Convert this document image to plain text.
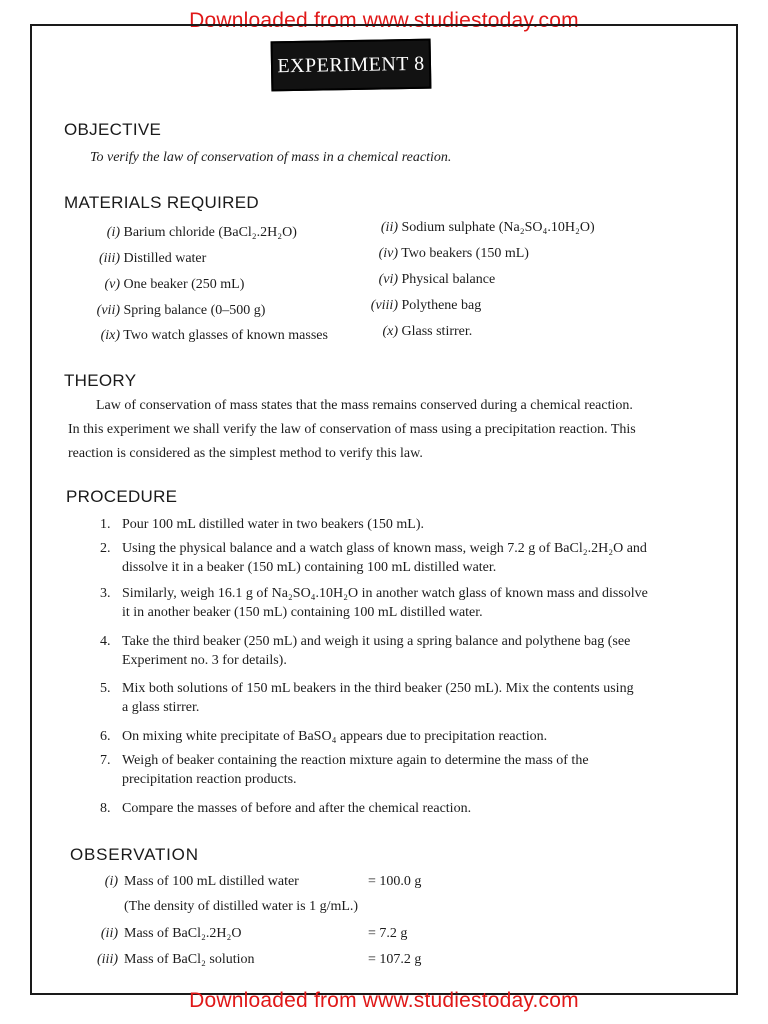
Downloaded from www.studiestoday.com
EXPERIMENT 8
OBJECTIVE
To verify the law of conservation of mass in a chemical reaction.
MATERIALS REQUIRED
(i) Barium chloride (BaCl₂.2H₂O)	(ii) Sodium sulphate (Na₂SO₄.10H₂O)
(iii) Distilled water	(iv) Two beakers (150 mL)
(v) One beaker (250 mL)	(vi) Physical balance
(vii) Spring balance (0–500 g)	(viii) Polythene bag
(ix) Two watch glasses of known masses	(x) Glass stirrer.
THEORY
Law of conservation of mass states that the mass remains conserved during a chemical reaction.
In this experiment we shall verify the law of conservation of mass using a precipitation reaction. This
reaction is considered as the simplest method to verify this law.
PROCEDURE
1. Pour 100 mL distilled water in two beakers (150 mL).
2. Using the physical balance and a watch glass of known mass, weigh 7.2 g of BaCl₂.2H₂O and
dissolve it in a beaker (150 mL) containing 100 mL distilled water.
3. Similarly, weigh 16.1 g of Na₂SO₄.10H₂O in another watch glass of known mass and dissolve
it in another beaker (150 mL) containing 100 mL distilled water.
4. Take the third beaker (250 mL) and weigh it using a spring balance and polythene bag (see
Experiment no. 3 for details).
5. Mix both solutions of 150 mL beakers in the third beaker (250 mL). Mix the contents using
a glass stirrer.
6. On mixing white precipitate of BaSO₄ appears due to precipitation reaction.
7. Weigh of beaker containing the reaction mixture again to determine the mass of the
precipitation reaction products.
8. Compare the masses of before and after the chemical reaction.
OBSERVATION
(i) Mass of 100 mL distilled water	= 100.0 g
(The density of distilled water is 1 g/mL.)
(ii) Mass of BaCl₂.2H₂O	= 7.2 g
(iii) Mass of BaCl₂ solution	= 107.2 g
Downloaded from www.studiestoday.com
